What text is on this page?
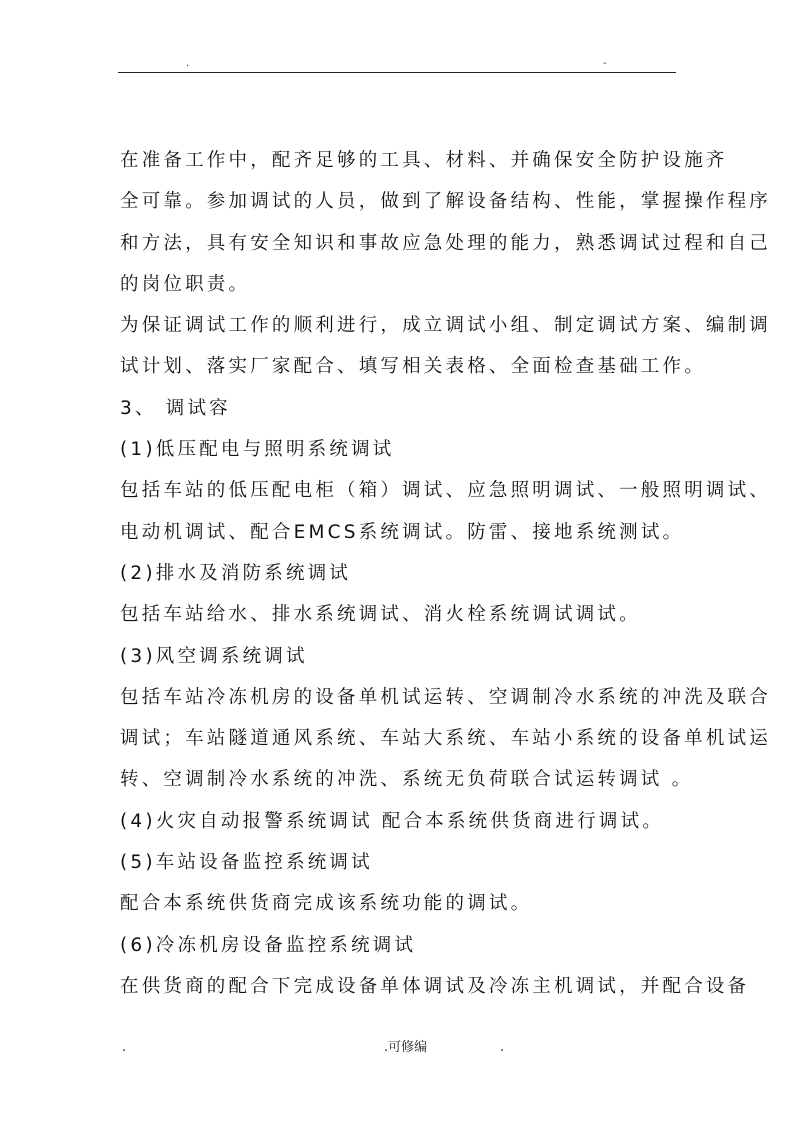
.	-

在准备工作中，配齐足够的工具、材料、并确保安全防护设施齐

全可靠。参加调试的人员，做到了解设备结构、性能，掌握操作程序

和方法，具有安全知识和事故应急处理的能力，熟悉调试过程和自己

的岗位职责。

为保证调试工作的顺利进行，成立调试小组、制定调试方案、编制调

试计划、落实厂家配合、填写相关表格、全面检查基础工作。

3、 调试容

(1)低压配电与照明系统调试

包括车站的低压配电柜（箱）调试、应急照明调试、一般照明调试、

电动机调试、配合EMCS系统调试。防雷、接地系统测试。

(2)排水及消防系统调试

包括车站给水、排水系统调试、消火栓系统调试调试。

(3)风空调系统调试

包括车站冷冻机房的设备单机试运转、空调制冷水系统的冲洗及联合

调试；车站隧道通风系统、车站大系统、车站小系统的设备单机试运

转、空调制冷水系统的冲洗、系统无负荷联合试运转调试 。

(4)火灾自动报警系统调试 配合本系统供货商进行调试。

(5)车站设备监控系统调试

配合本系统供货商完成该系统功能的调试。

(6)冷冻机房设备监控系统调试

在供货商的配合下完成设备单体调试及冷冻主机调试，并配合设备

.	.可修编	.
